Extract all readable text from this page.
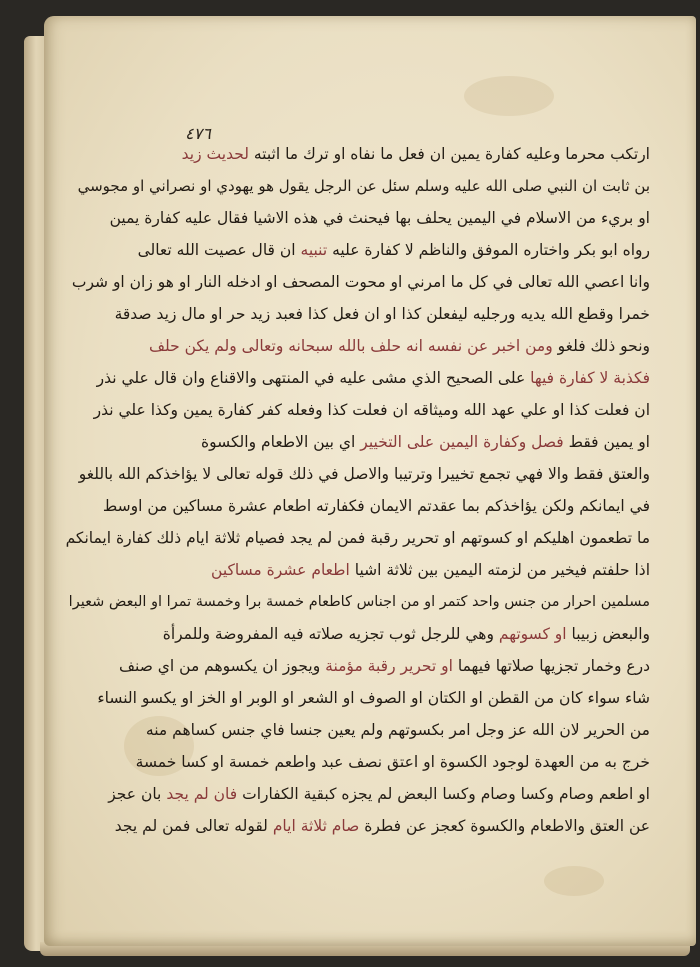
٤٧٦
ارتكب محرما وعليه كفارة يمين ان فعل ما نفاه او ترك ما اثبته لحديث زيد
بن ثابت ان النبي صلى الله عليه وسلم سئل عن الرجل يقول هو يهودي او نصراني او مجوسي
او بريء من الاسلام في اليمين يحلف بها فيحنث في هذه الاشيا فقال عليه كفارة يمين
رواه ابو بكر واختاره الموفق والناظم لا كفارة عليه تنبيه ان قال عصيت الله تعالى
وانا اعصي الله تعالى في كل ما امرني او محوت المصحف او ادخله النار او هو زان او شرب
خمرا وقطع الله يديه ورجليه ليفعلن كذا او ان فعل كذا فعبد زيد حر او مال زيد صدقة
ونحو ذلك فلغو ومن اخبر عن نفسه انه حلف بالله سبحانه وتعالى ولم يكن حلف
فكذبة لا كفارة فيها على الصحيح الذي مشى عليه في المنتهى والاقناع وان قال علي نذر
ان فعلت كذا او علي عهد الله وميثاقه ان فعلت كذا وفعله كفر كفارة يمين وكذا علي نذر
او يمين فقط فصل وكفارة اليمين على التخيير اي بين الاطعام والكسوة
والعتق فقط والا فهي تجمع تخييرا وترتيبا والاصل في ذلك قوله تعالى لا يؤاخذكم الله باللغو
في ايمانكم ولكن يؤاخذكم بما عقدتم الايمان فكفارته اطعام عشرة مساكين من اوسط
ما تطعمون اهليكم او كسوتهم او تحرير رقبة فمن لم يجد فصيام ثلاثة ايام ذلك كفارة ايمانكم
اذا حلفتم فيخير من لزمته اليمين بين ثلاثة اشيا اطعام عشرة مساكين
مسلمين احرار من جنس واحد كتمر او من اجناس كاطعام خمسة برا وخمسة تمرا او البعض شعيرا
والبعض زبيبا او كسوتهم وهي للرجل ثوب تجزيه صلاته فيه المفروضة وللمرأة
درع وخمار تجزيها صلاتها فيهما او تحرير رقبة مؤمنة ويجوز ان يكسوهم من اي صنف
شاء سواء كان من القطن او الكتان او الصوف او الشعر او الوبر او الخز او يكسو النساء
من الحرير لان الله عز وجل امر بكسوتهم ولم يعين جنسا فاي جنس كساهم منه
خرج به من العهدة لوجود الكسوة او اعتق نصف عبد واطعم خمسة او كسا خمسة
او اطعم وصام وكسا وصام وكسا البعض لم يجزه كبقية الكفارات فان لم يجد بان عجز
عن العتق والاطعام والكسوة كعجز عن فطرة صام ثلاثة ايام لقوله تعالى فمن لم يجد
